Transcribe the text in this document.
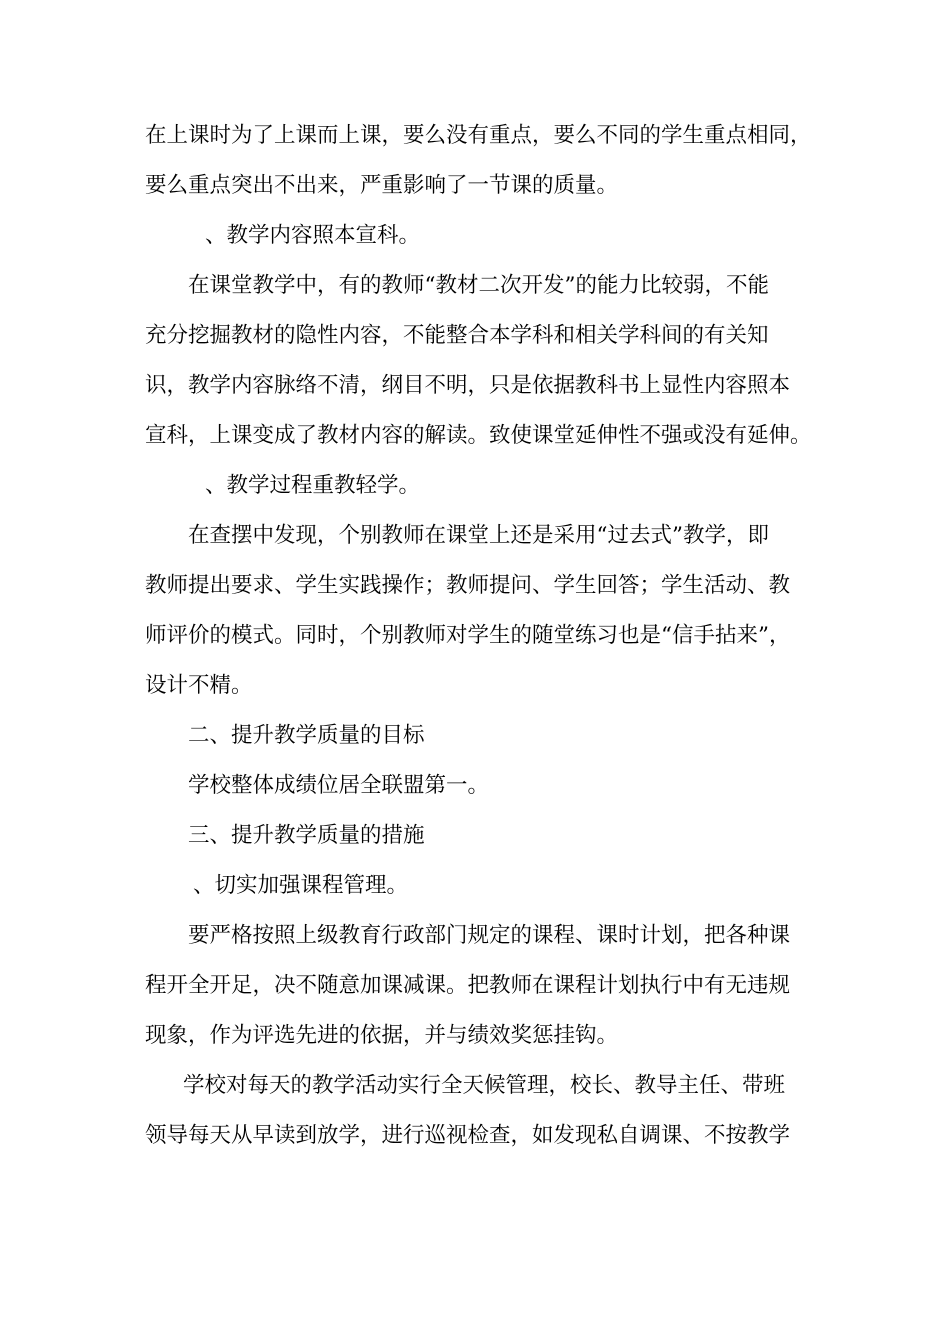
在上课时为了上课而上课，要么没有重点，要么不同的学生重点相同，
要么重点突出不出来，严重影响了一节课的质量。
、教学内容照本宣科。
在课堂教学中，有的教师“教材二次开发”的能力比较弱，不能
充分挖掘教材的隐性内容，不能整合本学科和相关学科间的有关知
识，教学内容脉络不清，纲目不明，只是依据教科书上显性内容照本
宣科，上课变成了教材内容的解读。致使课堂延伸性不强或没有延伸。
、教学过程重教轻学。
在查摆中发现，个别教师在课堂上还是采用“过去式”教学，即
教师提出要求、学生实践操作；教师提问、学生回答；学生活动、教
师评价的模式。同时，个别教师对学生的随堂练习也是“信手拈来”，
设计不精。
二、提升教学质量的目标
学校整体成绩位居全联盟第一。
三、提升教学质量的措施
、切实加强课程管理。
要严格按照上级教育行政部门规定的课程、课时计划，把各种课
程开全开足，决不随意加课减课。把教师在课程计划执行中有无违规
现象，作为评选先进的依据，并与绩效奖惩挂钩。
学校对每天的教学活动实行全天候管理，校长、教导主任、带班
领导每天从早读到放学，进行巡视检查，如发现私自调课、不按教学
